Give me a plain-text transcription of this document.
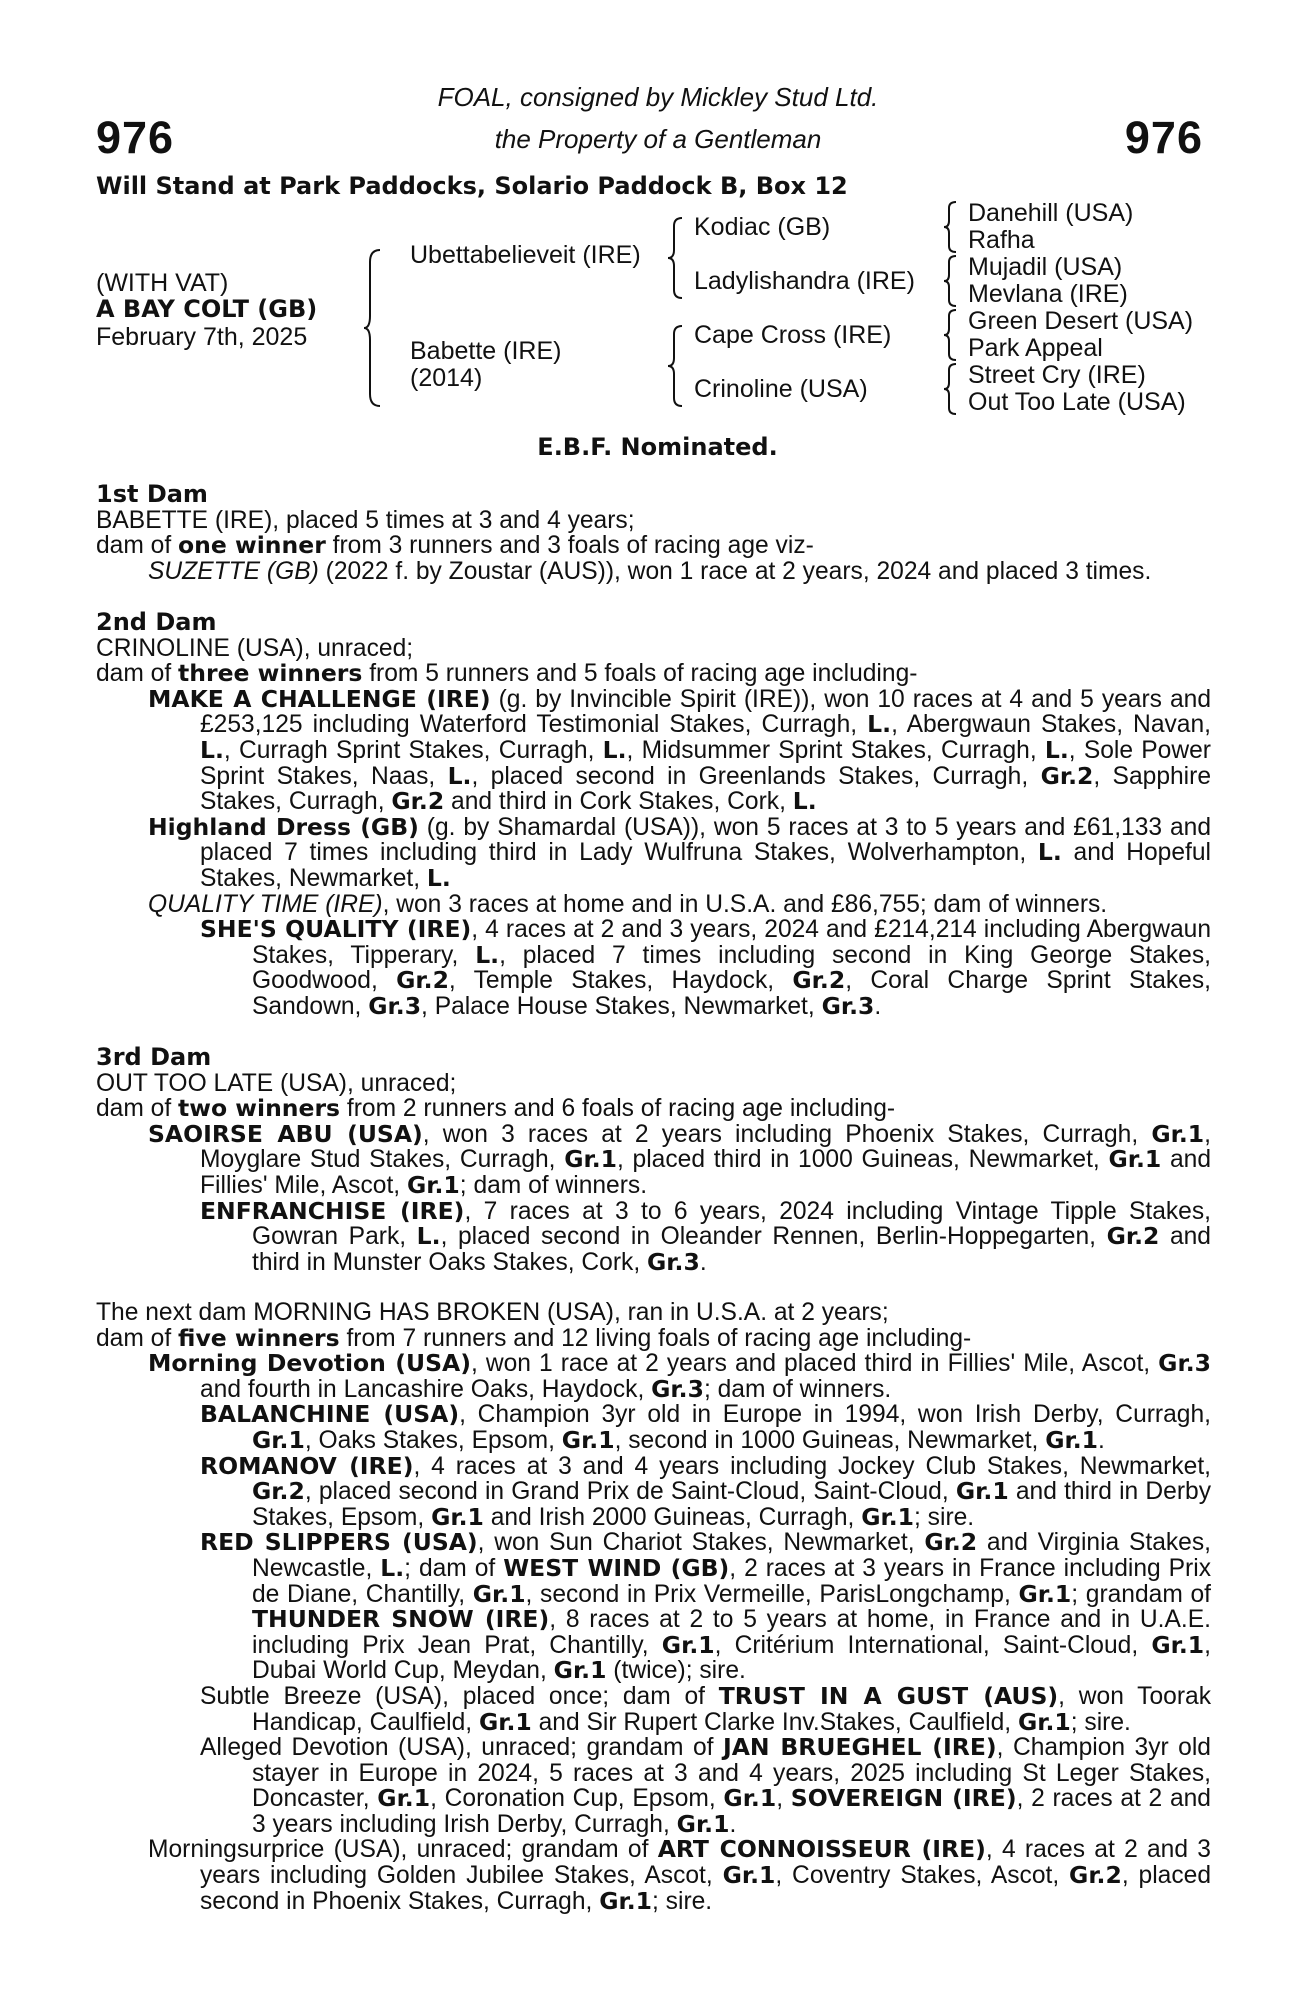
976	976
FOAL, consigned by Mickley Stud Ltd.
the Property of a Gentleman
Will Stand at Park Paddocks, Solario Paddock B, Box 12
(WITH VAT)
A BAY COLT (GB)
February 7th, 2025
Ubettabelieveit (IRE)
Babette (IRE)
(2014)
Kodiac (GB)
Ladylishandra (IRE)
Cape Cross (IRE)
Crinoline (USA)
Danehill (USA)
Rafha
Mujadil (USA)
Mevlana (IRE)
Green Desert (USA)
Park Appeal
Street Cry (IRE)
Out Too Late (USA)
E.B.F. Nominated.
1st Dam
BABETTE (IRE), placed 5 times at 3 and 4 years;
dam of one winner from 3 runners and 3 foals of racing age viz-
SUZETTE (GB) (2022 f. by Zoustar (AUS)), won 1 race at 2 years, 2024 and placed 3 times.
2nd Dam
CRINOLINE (USA), unraced;
dam of three winners from 5 runners and 5 foals of racing age including-
MAKE A CHALLENGE (IRE) (g. by Invincible Spirit (IRE)), won 10 races at 4 and 5 years and £253,125 including Waterford Testimonial Stakes, Curragh, L., Abergwaun Stakes, Navan, L., Curragh Sprint Stakes, Curragh, L., Midsummer Sprint Stakes, Curragh, L., Sole Power Sprint Stakes, Naas, L., placed second in Greenlands Stakes, Curragh, Gr.2, Sapphire Stakes, Curragh, Gr.2 and third in Cork Stakes, Cork, L.
Highland Dress (GB) (g. by Shamardal (USA)), won 5 races at 3 to 5 years and £61,133 and placed 7 times including third in Lady Wulfruna Stakes, Wolverhampton, L. and Hopeful Stakes, Newmarket, L.
QUALITY TIME (IRE), won 3 races at home and in U.S.A. and £86,755; dam of winners.
SHE'S QUALITY (IRE), 4 races at 2 and 3 years, 2024 and £214,214 including Abergwaun Stakes, Tipperary, L., placed 7 times including second in King George Stakes, Goodwood, Gr.2, Temple Stakes, Haydock, Gr.2, Coral Charge Sprint Stakes, Sandown, Gr.3, Palace House Stakes, Newmarket, Gr.3.
3rd Dam
OUT TOO LATE (USA), unraced;
dam of two winners from 2 runners and 6 foals of racing age including-
SAOIRSE ABU (USA), won 3 races at 2 years including Phoenix Stakes, Curragh, Gr.1, Moyglare Stud Stakes, Curragh, Gr.1, placed third in 1000 Guineas, Newmarket, Gr.1 and Fillies' Mile, Ascot, Gr.1; dam of winners.
ENFRANCHISE (IRE), 7 races at 3 to 6 years, 2024 including Vintage Tipple Stakes, Gowran Park, L., placed second in Oleander Rennen, Berlin-Hoppegarten, Gr.2 and third in Munster Oaks Stakes, Cork, Gr.3.
The next dam MORNING HAS BROKEN (USA), ran in U.S.A. at 2 years;
dam of five winners from 7 runners and 12 living foals of racing age including-
Morning Devotion (USA), won 1 race at 2 years and placed third in Fillies' Mile, Ascot, Gr.3 and fourth in Lancashire Oaks, Haydock, Gr.3; dam of winners.
BALANCHINE (USA), Champion 3yr old in Europe in 1994, won Irish Derby, Curragh, Gr.1, Oaks Stakes, Epsom, Gr.1, second in 1000 Guineas, Newmarket, Gr.1.
ROMANOV (IRE), 4 races at 3 and 4 years including Jockey Club Stakes, Newmarket, Gr.2, placed second in Grand Prix de Saint-Cloud, Saint-Cloud, Gr.1 and third in Derby Stakes, Epsom, Gr.1 and Irish 2000 Guineas, Curragh, Gr.1; sire.
RED SLIPPERS (USA), won Sun Chariot Stakes, Newmarket, Gr.2 and Virginia Stakes, Newcastle, L.; dam of WEST WIND (GB), 2 races at 3 years in France including Prix de Diane, Chantilly, Gr.1, second in Prix Vermeille, ParisLongchamp, Gr.1; grandam of THUNDER SNOW (IRE), 8 races at 2 to 5 years at home, in France and in U.A.E. including Prix Jean Prat, Chantilly, Gr.1, Critérium International, Saint-Cloud, Gr.1, Dubai World Cup, Meydan, Gr.1 (twice); sire.
Subtle Breeze (USA), placed once; dam of TRUST IN A GUST (AUS), won Toorak Handicap, Caulfield, Gr.1 and Sir Rupert Clarke Inv.Stakes, Caulfield, Gr.1; sire.
Alleged Devotion (USA), unraced; grandam of JAN BRUEGHEL (IRE), Champion 3yr old stayer in Europe in 2024, 5 races at 3 and 4 years, 2025 including St Leger Stakes, Doncaster, Gr.1, Coronation Cup, Epsom, Gr.1, SOVEREIGN (IRE), 2 races at 2 and 3 years including Irish Derby, Curragh, Gr.1.
Morningsurprice (USA), unraced; grandam of ART CONNOISSEUR (IRE), 4 races at 2 and 3 years including Golden Jubilee Stakes, Ascot, Gr.1, Coventry Stakes, Ascot, Gr.2, placed second in Phoenix Stakes, Curragh, Gr.1; sire.
